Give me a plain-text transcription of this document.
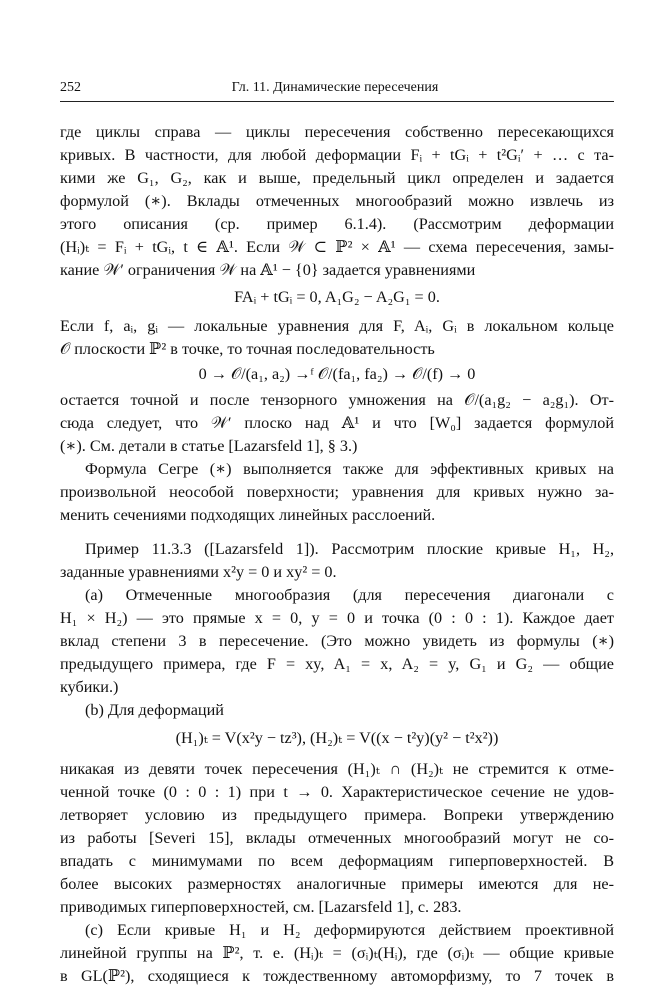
252	Гл. 11. Динамические пересечения
где циклы справа — циклы пересечения собственно пересекающихся
кривых. В частности, для любой деформации Fᵢ + tGᵢ + t²Gᵢ′ + … с та-
кими же G₁, G₂, как и выше, предельный цикл определен и задается
формулой (∗). Вклады отмеченных многообразий можно извлечь из
этого описания (ср. пример 6.1.4). (Рассмотрим деформации
(Hᵢ)ₜ = Fᵢ + tGᵢ, t ∈ 𝔸¹. Если 𝒲 ⊂ ℙ² × 𝔸¹ — схема пересечения, замы-
кание 𝒲′ ограничения 𝒲 на 𝔸¹ − {0} задается уравнениями
FAᵢ + tGᵢ = 0, A₁G₂ − A₂G₁ = 0.
Если f, aᵢ, gᵢ — локальные уравнения для F, Aᵢ, Gᵢ в локальном кольце
𝒪 плоскости ℙ² в точке, то точная последовательность
0 → 𝒪/(a₁, a₂) →ᶠ 𝒪/(fa₁, fa₂) → 𝒪/(f) → 0
остается точной и после тензорного умножения на 𝒪/(a₁g₂ − a₂g₁). От-
сюда следует, что 𝒲′ плоско над 𝔸¹ и что [W₀] задается формулой
(∗). См. детали в статье [Lazarsfeld 1], § 3.)
Формула Сегре (∗) выполняется также для эффективных кривых на
произвольной неособой поверхности; уравнения для кривых нужно за-
менить сечениями подходящих линейных расслоений.
Пример 11.3.3 ([Lazarsfeld 1]). Рассмотрим плоские кривые H₁, H₂,
заданные уравнениями x²y = 0 и xy² = 0.
(a) Отмеченные многообразия (для пересечения диагонали с
H₁ × H₂) — это прямые x = 0, y = 0 и точка (0 : 0 : 1). Каждое дает
вклад степени 3 в пересечение. (Это можно увидеть из формулы (∗)
предыдущего примера, где F = xy, A₁ = x, A₂ = y, G₁ и G₂ — общие
кубики.)
(b) Для деформаций
(H₁)ₜ = V(x²y − tz³), (H₂)ₜ = V((x − t²y)(y² − t²x²))
никакая из девяти точек пересечения (H₁)ₜ ∩ (H₂)ₜ не стремится к отме-
ченной точке (0 : 0 : 1) при t → 0. Характеристическое сечение не удов-
летворяет условию из предыдущего примера. Вопреки утверждению
из работы [Severi 15], вклады отмеченных многообразий могут не со-
впадать с минимумами по всем деформациям гиперповерхностей. В
более высоких размерностях аналогичные примеры имеются для не-
приводимых гиперповерхностей, см. [Lazarsfeld 1], с. 283.
(c) Если кривые H₁ и H₂ деформируются действием проективной
линейной группы на ℙ², т. е. (Hᵢ)ₜ = (σᵢ)ₜ(Hᵢ), где (σᵢ)ₜ — общие кривые
в GL(ℙ²), сходящиеся к тождественному автоморфизму, то 7 точек в
